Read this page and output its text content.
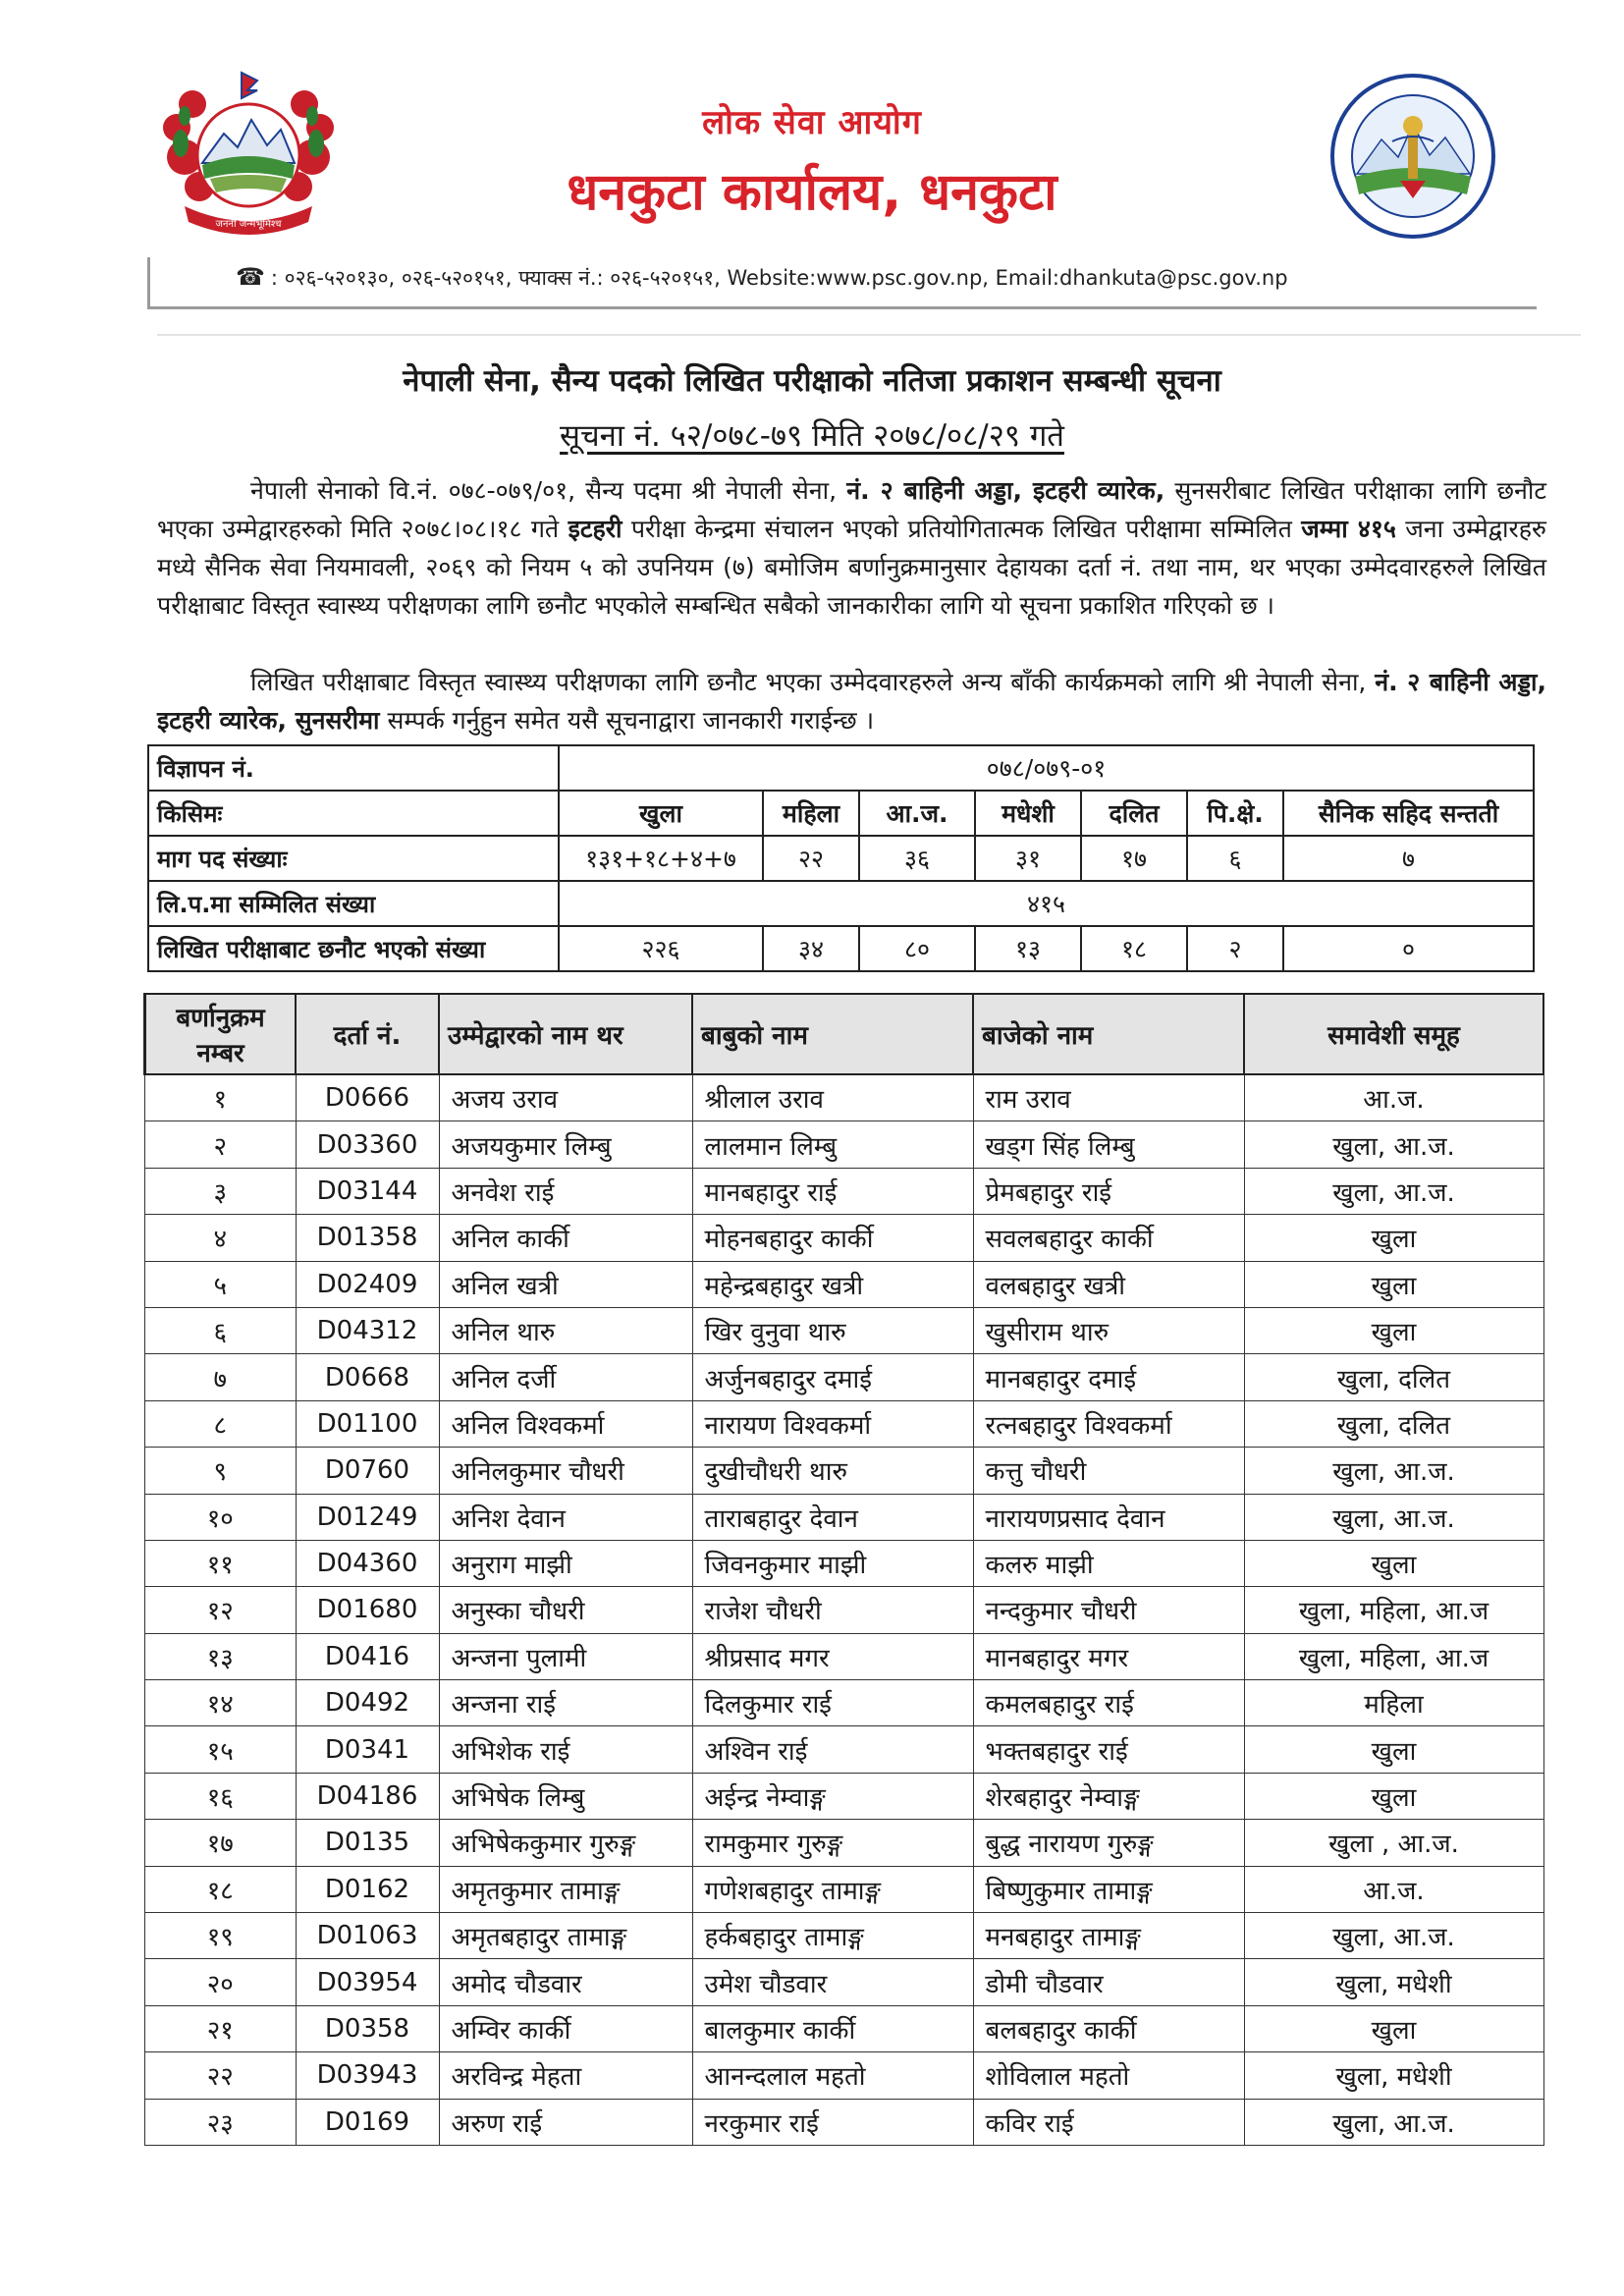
जननी जन्मभूमिश्च
लोक सेवा आयोग
धनकुटा कार्यालय, धनकुटा
☎ : ०२६-५२०१३०, ०२६-५२०१५१, फ्याक्स नं.: ०२६-५२०१५१, Website:www.psc.gov.np, Email:dhankuta@psc.gov.np
नेपाली सेना, सैन्य पदको लिखित परीक्षाको नतिजा प्रकाशन सम्बन्धी सूचना
सूचना नं. ५२/०७८-७९ मिति २०७८/०८/२९ गते

नेपाली सेनाको वि.नं. ०७८-०७९/०१, सैन्य पदमा श्री नेपाली सेना, नं. २ बाहिनी अड्डा, इटहरी व्यारेक, सुनसरीबाट लिखित परीक्षाका लागि छनौट भएका उम्मेद्वारहरुको मिति २०७८।०८।१८ गते इटहरी परीक्षा केन्द्रमा संचालन भएको प्रतियोगितात्मक लिखित परीक्षामा सम्मिलित जम्मा ४१५ जना उम्मेद्वारहरु मध्ये सैनिक सेवा नियमावली, २०६९ को नियम ५ को उपनियम (७) बमोजिम बर्णानुक्रमानुसार देहायका दर्ता नं. तथा नाम, थर भएका उम्मेदवारहरुले लिखित परीक्षाबाट विस्तृत स्वास्थ्य परीक्षणका लागि छनौट भएकोले सम्बन्धित सबैको जानकारीका लागि यो सूचना प्रकाशित गरिएको छ ।

लिखित परीक्षाबाट विस्तृत स्वास्थ्य परीक्षणका लागि छनौट भएका उम्मेदवारहरुले अन्य बाँकी कार्यक्रमको लागि श्री नेपाली सेना, नं. २ बाहिनी अड्डा, इटहरी व्यारेक, सुनसरीमा सम्पर्क गर्नुहुन समेत यसै सूचनाद्वारा जानकारी गराईन्छ ।

विज्ञापन नं.	०७८/०७९-०१						
किसिमः	खुला	महिला	आ.ज.	मधेशी	दलित	पि.क्षे.	सैनिक सहिद सन्तती
माग पद संख्याः	१३१+१८+४+७	२२	३६	३१	१७	६	७
लि.प.मा सम्मिलित संख्या	४१५						
लिखित परीक्षाबाट छनौट भएको संख्या	२२६	३४	८०	१३	१८	२	०
बर्णानुक्रम नम्बर	दर्ता नं.	उम्मेद्वारको नाम थर	बाबुको नाम	बाजेको नाम	समावेशी समूह
१	D0666	अजय उराव	श्रीलाल उराव	राम उराव	आ.ज.
२	D03360	अजयकुमार लिम्बु	लालमान लिम्बु	खड्ग सिंह लिम्बु	खुला, आ.ज.
३	D03144	अनवेश राई	मानबहादुर राई	प्रेमबहादुर राई	खुला, आ.ज.
४	D01358	अनिल कार्की	मोहनबहादुर कार्की	सवलबहादुर कार्की	खुला
५	D02409	अनिल खत्री	महेन्द्रबहादुर खत्री	वलबहादुर खत्री	खुला
६	D04312	अनिल थारु	खिर वुनुवा थारु	खुसीराम थारु	खुला
७	D0668	अनिल दर्जी	अर्जुनबहादुर दमाई	मानबहादुर दमाई	खुला, दलित
८	D01100	अनिल विश्वकर्मा	नारायण विश्वकर्मा	रत्नबहादुर विश्वकर्मा	खुला, दलित
९	D0760	अनिलकुमार चौधरी	दुखीचौधरी थारु	कत्तु चौधरी	खुला, आ.ज.
१०	D01249	अनिश देवान	ताराबहादुर देवान	नारायणप्रसाद देवान	खुला, आ.ज.
११	D04360	अनुराग माझी	जिवनकुमार माझी	कलरु माझी	खुला
१२	D01680	अनुस्का चौधरी	राजेश चौधरी	नन्दकुमार चौधरी	खुला, महिला, आ.ज
१३	D0416	अन्जना पुलामी	श्रीप्रसाद मगर	मानबहादुर मगर	खुला, महिला, आ.ज
१४	D0492	अन्जना राई	दिलकुमार राई	कमलबहादुर राई	महिला
१५	D0341	अभिशेक राई	अश्विन राई	भक्तबहादुर राई	खुला
१६	D04186	अभिषेक लिम्बु	अईन्द्र नेम्वाङ्ग	शेरबहादुर नेम्वाङ्ग	खुला
१७	D0135	अभिषेककुमार गुरुङ्ग	रामकुमार गुरुङ्ग	बुद्ध नारायण गुरुङ्ग	खुला , आ.ज.
१८	D0162	अमृतकुमार तामाङ्ग	गणेशबहादुर तामाङ्ग	बिष्णुकुमार तामाङ्ग	आ.ज.
१९	D01063	अमृतबहादुर तामाङ्ग	हर्कबहादुर तामाङ्ग	मनबहादुर तामाङ्ग	खुला, आ.ज.
२०	D03954	अमोद चौडवार	उमेश चौडवार	डोमी चौडवार	खुला, मधेशी
२१	D0358	अम्विर कार्की	बालकुमार कार्की	बलबहादुर कार्की	खुला
२२	D03943	अरविन्द्र मेहता	आनन्दलाल महतो	शोविलाल महतो	खुला, मधेशी
२३	D0169	अरुण राई	नरकुमार राई	कविर राई	खुला, आ.ज.
